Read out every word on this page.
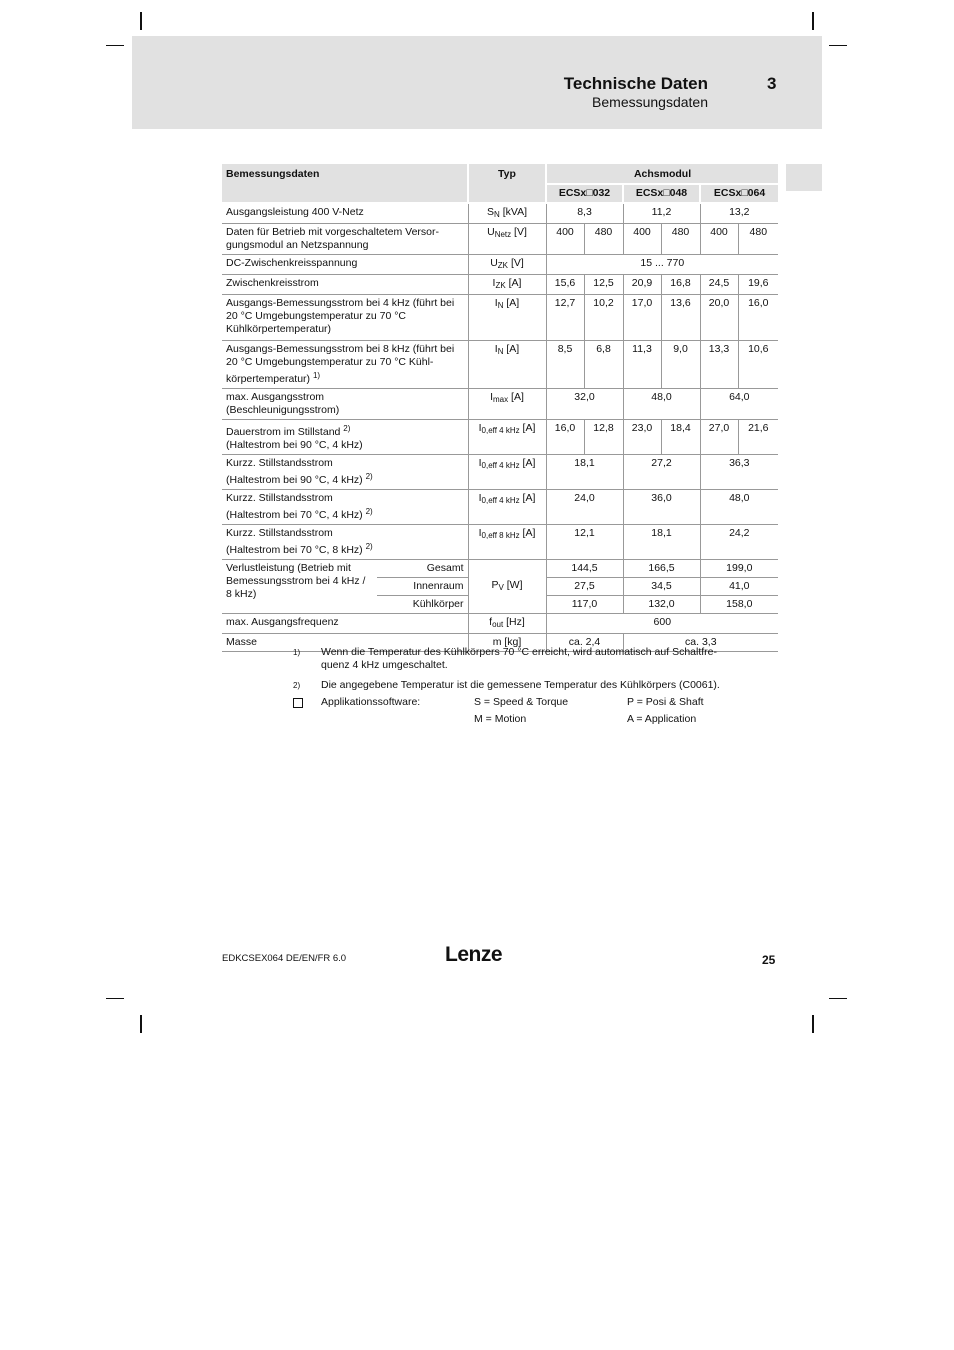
Technische Daten	3
Bemessungsdaten
Bemessungsdaten		Typ	Achsmodul					
			ECSx□032		ECSx□048		ECSx□064	
Ausgangsleistung 400 V-Netz		$S_N$ [kVA]	8,3		11,2		13,2	
Daten für Betrieb mit vorgeschaltetem Versorgungsmodul an Netzspannung		$U_{Netz}$ [V]	400	480	400	480	400	480
DC-Zwischenkreisspannung		$U_{ZK}$ [V]	15 ... 770					
Zwischenkreisstrom		$I_{ZK}$ [A]	15,6	12,5	20,9	16,8	24,5	19,6
Ausgangs-Bemessungsstrom bei 4 kHz (führt bei 20 °C Umgebungstemperatur zu 70 °C Kühlkörpertemperatur)		$I_N$ [A]	12,7	10,2	17,0	13,6	20,0	16,0
Ausgangs-Bemessungsstrom bei 8 kHz (führt bei 20 °C Umgebungstemperatur zu 70 °C Kühlkörpertemperatur) $^{1)}$		$I_N$ [A]	8,5	6,8	11,3	9,0	13,3	10,6
max. Ausgangsstrom
(Beschleunigungsstrom)		$I_{max}$ [A]	32,0		48,0		64,0	
Dauerstrom im Stillstand $^{2)}$
(Haltestrom bei 90 °C, 4 kHz)		$I_{0,eff 4 kHz}$ [A]	16,0	12,8	23,0	18,4	27,0	21,6
Kurzz. Stillstandsstrom
(Haltestrom bei 90 °C, 4 kHz) $^{2)}$		$I_{0,eff 4 kHz}$ [A]	18,1		27,2		36,3	
Kurzz. Stillstandsstrom
(Haltestrom bei 70 °C, 4 kHz) $^{2)}$		$I_{0,eff 4 kHz}$ [A]	24,0		36,0		48,0	
Kurzz. Stillstandsstrom
(Haltestrom bei 70 °C, 8 kHz) $^{2)}$		$I_{0,eff 8 kHz}$ [A]	12,1		18,1		24,2	
Verlustleistung (Betrieb mit Bemessungsstrom bei 4 kHz / 8 kHz)	Gesamt	$P_V$ [W]	144,5		166,5		199,0	
	Innenraum		27,5		34,5		41,0	
	Kühlkörper		117,0		132,0		158,0	
max. Ausgangsfrequenz		$f_{out}$ [Hz]	600					
Masse		m [kg]	ca. 2,4		ca. 3,3			
1) Wenn die Temperatur des Kühlkörpers 70 °C erreicht, wird automatisch auf Schaltfrequenz 4 kHz umgeschaltet.
2) Die angegebene Temperatur ist die gemessene Temperatur des Kühlkörpers (C0061).
Applikationssoftware:	S = Speed & Torque	P = Posi & Shaft
M = Motion	A = Application
EDKCSEX064 DE/EN/FR 6.0	Lenze	25
